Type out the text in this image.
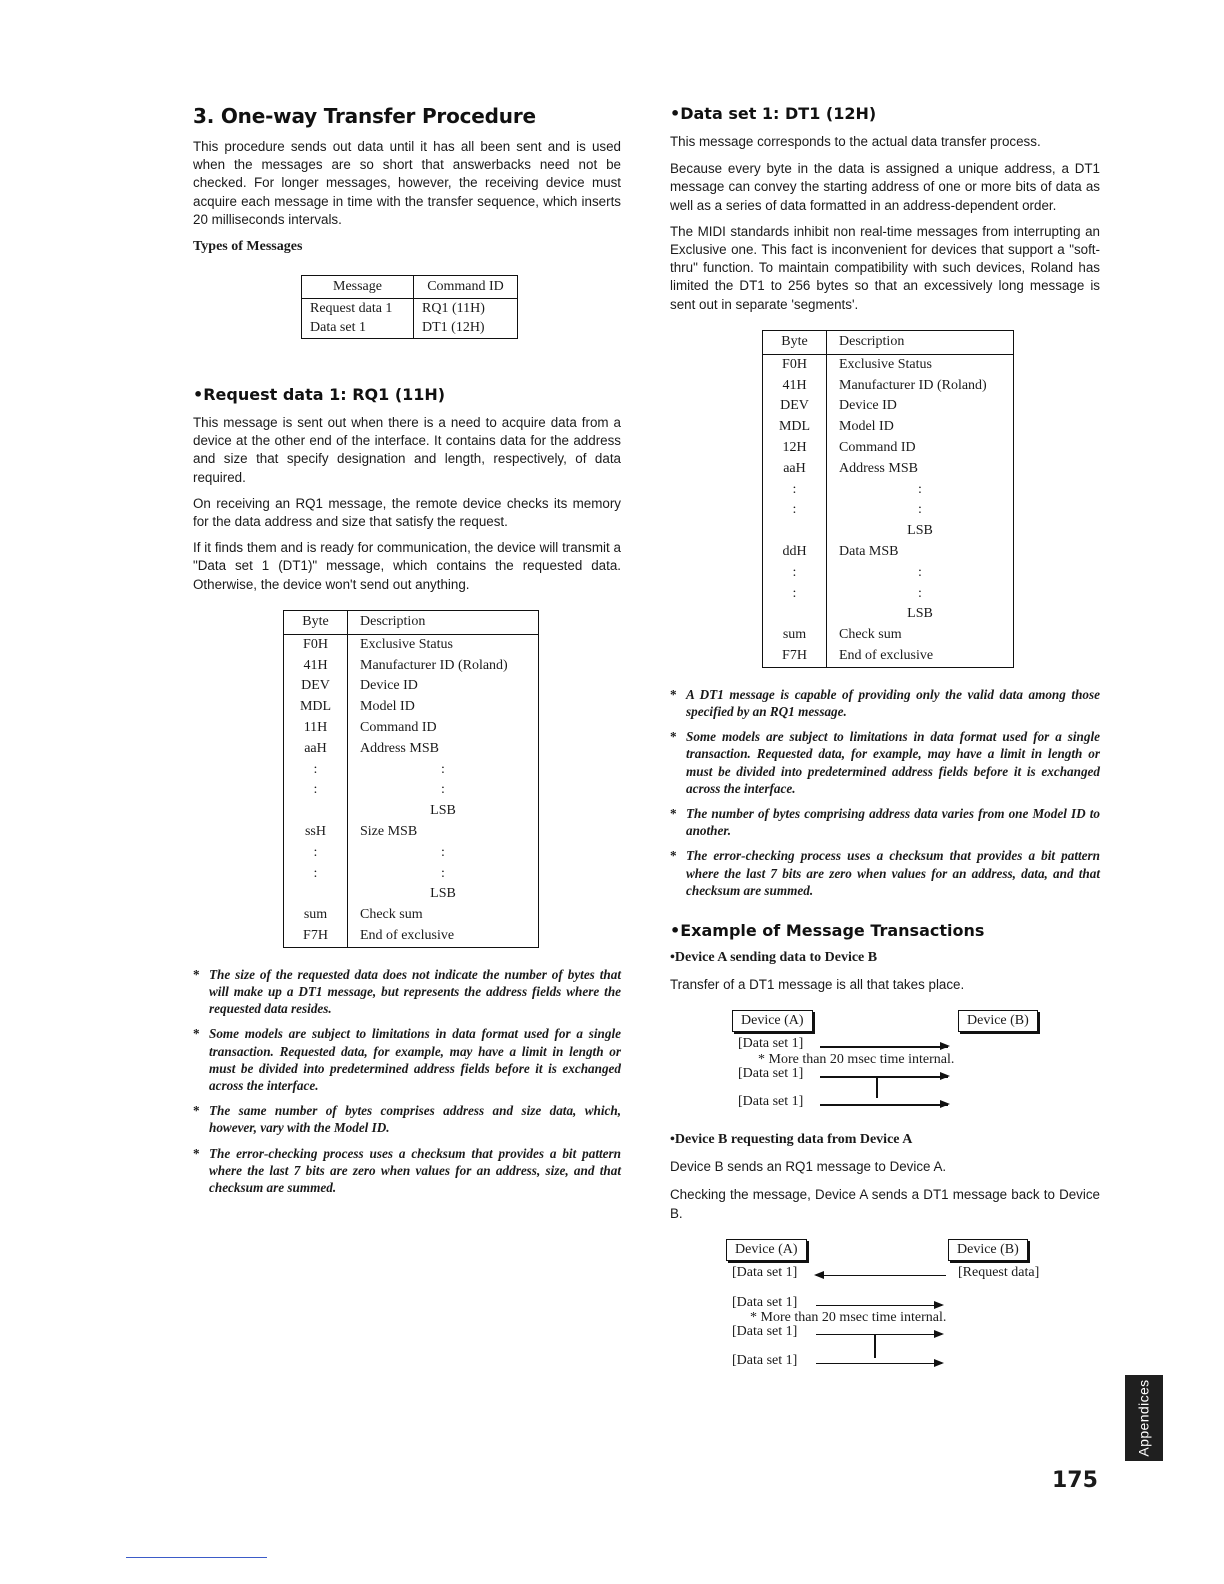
3. One-way Transfer Procedure

This procedure sends out data until it has all been sent and is used when the messages are so short that answerbacks need not be checked. For longer messages, however, the receiving device must acquire each message in time with the transfer sequence, which inserts 20 milliseconds intervals.

Types of Messages
Message	Command ID
Request data 1	RQ1 (11H)
Data set 1	DT1 (12H)
•Request data 1: RQ1 (11H)

This message is sent out when there is a need to acquire data from a device at the other end of the interface. It contains data for the address and size that specify designation and length, respectively, of data required.

On receiving an RQ1 message, the remote device checks its memory for the data address and size that satisfy the request.

If it finds them and is ready for communication, the device will transmit a "Data set 1 (DT1)" message, which contains the requested data. Otherwise, the device won't send out anything.

Byte	Description
F0H	Exclusive Status
41H	Manufacturer ID (Roland)
DEV	Device ID
MDL	Model ID
11H	Command ID
aaH	Address MSB
:	:
:	:
	LSB
ssH	Size MSB
:	:
:	:
	LSB
sum	Check sum
F7H	End of exclusive
* The size of the requested data does not indicate the number of bytes that will make up a DT1 message, but represents the address fields where the requested data resides.
* Some models are subject to limitations in data format used for a single transaction. Requested data, for example, may have a limit in length or must be divided into predetermined address fields before it is exchanged across the interface.
* The same number of bytes comprises address and size data, which, however, vary with the Model ID.
* The error-checking process uses a checksum that provides a bit pattern where the last 7 bits are zero when values for an address, size, and that checksum are summed.
•Data set 1: DT1 (12H)

This message corresponds to the actual data transfer process.

Because every byte in the data is assigned a unique address, a DT1 message can convey the starting address of one or more bits of data as well as a series of data formatted in an address-dependent order.

The MIDI standards inhibit non real-time messages from interrupting an Exclusive one. This fact is inconvenient for devices that support a "soft-thru" function. To maintain compatibility with such devices, Roland has limited the DT1 to 256 bytes so that an excessively long message is sent out in separate 'segments'.

Byte	Description
F0H	Exclusive Status
41H	Manufacturer ID (Roland)
DEV	Device ID
MDL	Model ID
12H	Command ID
aaH	Address MSB
:	:
:	:
	LSB
ddH	Data MSB
:	:
:	:
	LSB
sum	Check sum
F7H	End of exclusive
* A DT1 message is capable of providing only the valid data among those specified by an RQ1 message.
* Some models are subject to limitations in data format used for a single transaction. Requested data, for example, may have a limit in length or must be divided into predetermined address fields before it is exchanged across the interface.
* The number of bytes comprising address data varies from one Model ID to another.
* The error-checking process uses a checksum that provides a bit pattern where the last 7 bits are zero when values for an address, data, and that checksum are summed.
•Example of Message Transactions
•Device A sending data to Device B

Transfer of a DT1 message is all that takes place.

Device (A)	Device (B)
[Data set 1]
* More than 20 msec time internal.
[Data set 1]
[Data set 1]
•Device B requesting data from Device A

Device B sends an RQ1 message to Device A.

Checking the message, Device A sends a DT1 message back to Device B.

Device (A)	Device (B)
[Data set 1]	[Request data]
[Data set 1]
* More than 20 msec time internal.
[Data set 1]
[Data set 1]
Appendices
175
